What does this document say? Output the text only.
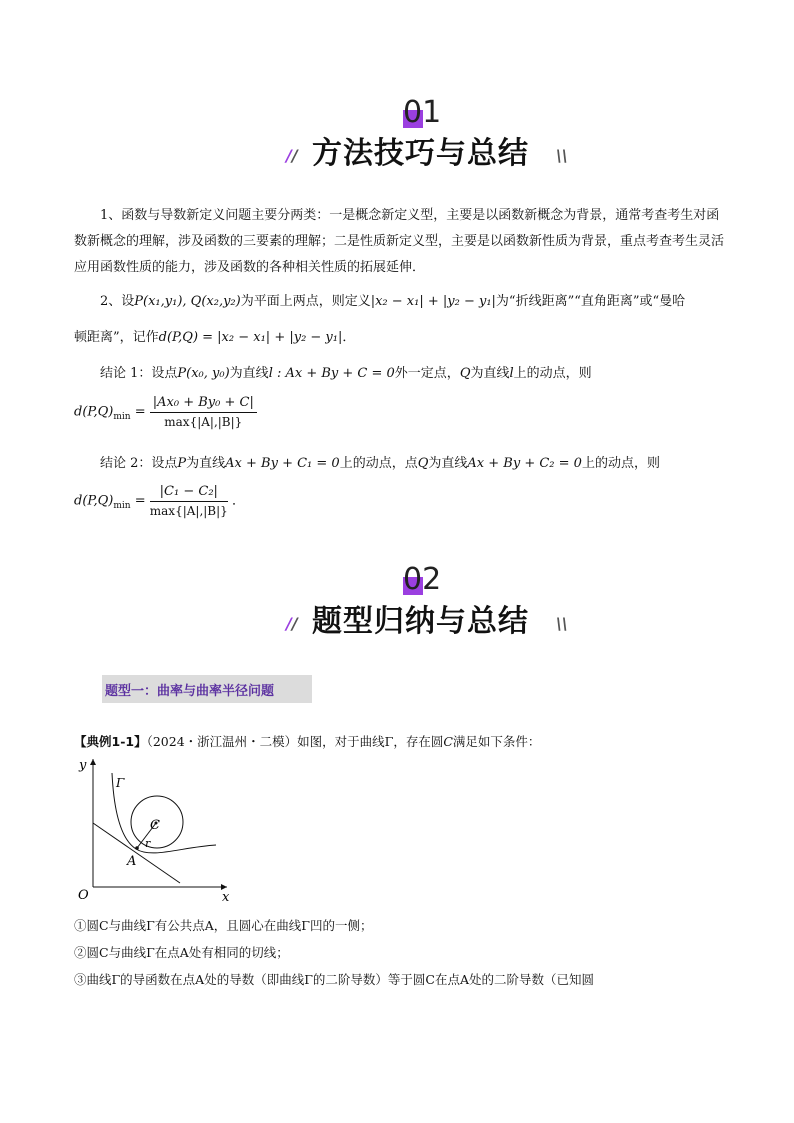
01
// 方法技巧与总结 \\

1、函数与导数新定义问题主要分两类：一是概念新定义型，主要是以函数新概念为背景，通常考查考生对函数新概念的理解，涉及函数的三要素的理解；二是性质新定义型，主要是以函数新性质为背景，重点考查考生灵活应用函数性质的能力，涉及函数的各种相关性质的拓展延伸．

2、设P(x₁,y₁), Q(x₂,y₂)为平面上两点，则定义|x₂ − x₁| + |y₂ − y₁|为“折线距离”“直角距离”或“曼哈
顿距离”，记作d(P,Q) = |x₂ − x₁| + |y₂ − y₁|．
结论 1：设点P(x₀, y₀)为直线l : Ax + By + C = 0外一定点，Q为直线l上的动点，则
$d(P,Q)_{min} = \frac{\text{|Ax₀ + By₀ + C|}}{\max\{|A|,|B|\}}$
结论 2：设点P为直线Ax + By + C₁ = 0上的动点，点Q为直线Ax + By + C₂ = 0上的动点，则
$d(P,Q)_{min} = \frac{\text{|C₁ − C₂|}}{\max\{|A|,|B|\}}$ ．
02
// 题型归纳与总结 \\
题型一：曲率与曲率半径问题
【典例1-1】（2024・浙江温州・二模）如图，对于曲线Γ，存在圆C满足如下条件：
y
x
O
Γ
C
r
A
①圆C与曲线Γ有公共点A，且圆心在曲线Γ凹的一侧；
②圆C与曲线Γ在点A处有相同的切线；
③曲线Γ的导函数在点A处的导数（即曲线Γ的二阶导数）等于圆C在点A处的二阶导数（已知圆
